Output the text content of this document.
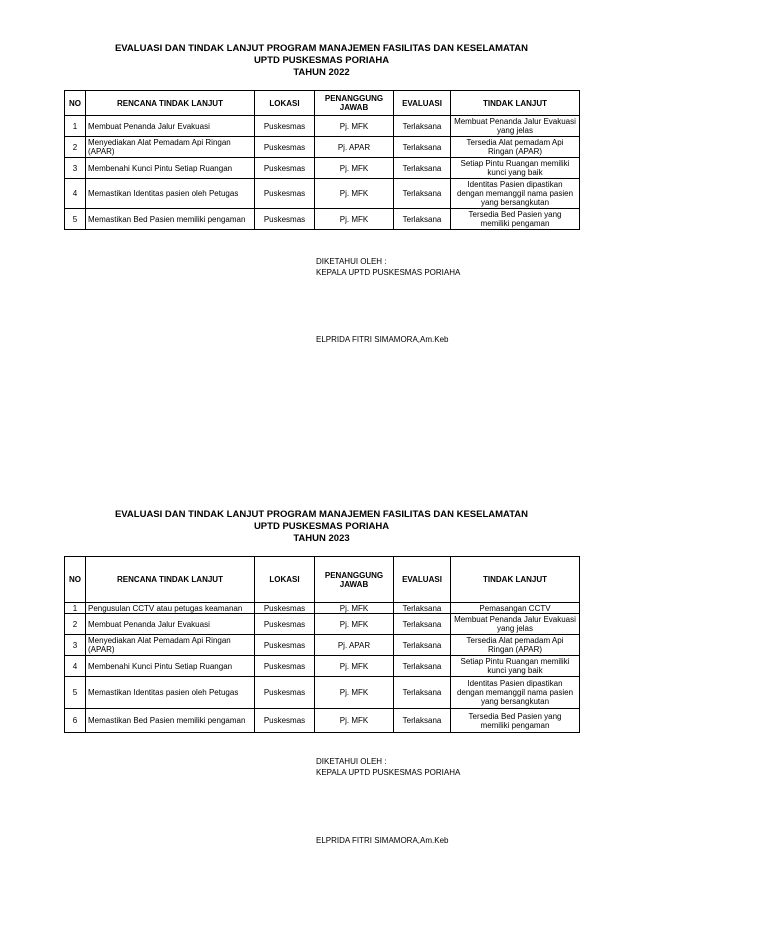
EVALUASI DAN TINDAK LANJUT PROGRAM MANAJEMEN FASILITAS DAN KESELAMATAN
UPTD PUSKESMAS PORIAHA
TAHUN 2022
NO	RENCANA TINDAK LANJUT	LOKASI	PENANGGUNG JAWAB	EVALUASI	TINDAK LANJUT
1	Membuat Penanda Jalur Evakuasi	Puskesmas	Pj. MFK	Terlaksana	Membuat Penanda Jalur Evakuasi yang jelas
2	Menyediakan Alat Pemadam Api Ringan (APAR)	Puskesmas	Pj. APAR	Terlaksana	Tersedia Alat pemadam Api Ringan (APAR)
3	Membenahi Kunci Pintu Setiap Ruangan	Puskesmas	Pj. MFK	Terlaksana	Setiap Pintu Ruangan memiliki kunci yang baik
4	Memastikan Identitas pasien oleh Petugas	Puskesmas	Pj. MFK	Terlaksana	Identitas Pasien dipastikan dengan memanggil nama pasien yang bersangkutan
5	Memastikan Bed Pasien memiliki pengaman	Puskesmas	Pj. MFK	Terlaksana	Tersedia Bed Pasien yang memiliki pengaman
DIKETAHUI OLEH :
KEPALA UPTD PUSKESMAS PORIAHA
ELPRIDA FITRI SIMAMORA,Am.Keb
EVALUASI DAN TINDAK LANJUT PROGRAM MANAJEMEN FASILITAS DAN KESELAMATAN
UPTD PUSKESMAS PORIAHA
TAHUN 2023
NO	RENCANA TINDAK LANJUT	LOKASI	PENANGGUNG JAWAB	EVALUASI	TINDAK LANJUT
1	Pengusulan CCTV atau petugas keamanan	Puskesmas	Pj. MFK	Terlaksana	Pemasangan CCTV
2	Membuat Penanda Jalur Evakuasi	Puskesmas	Pj. MFK	Terlaksana	Membuat Penanda Jalur Evakuasi yang jelas
3	Menyediakan Alat Pemadam Api Ringan (APAR)	Puskesmas	Pj. APAR	Terlaksana	Tersedia Alat pemadam Api Ringan (APAR)
4	Membenahi Kunci Pintu Setiap Ruangan	Puskesmas	Pj. MFK	Terlaksana	Setiap Pintu Ruangan memiliki kunci yang baik
5	Memastikan Identitas pasien oleh Petugas	Puskesmas	Pj. MFK	Terlaksana	Identitas Pasien dipastikan dengan memanggil nama pasien yang bersangkutan
6	Memastikan Bed Pasien memiliki pengaman	Puskesmas	Pj. MFK	Terlaksana	Tersedia Bed Pasien yang memiliki pengaman
DIKETAHUI OLEH :
KEPALA UPTD PUSKESMAS PORIAHA
ELPRIDA FITRI SIMAMORA,Am.Keb
